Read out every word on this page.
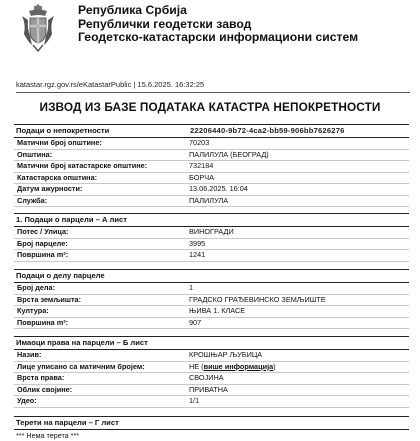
Република Србија
Републички геодетски завод
Геодетско-катастарски информациони систем
katastar.rgz.gov.rs/eKatastarPublic | 15.6.2025. 16:32:25
ИЗВОД ИЗ БАЗЕ ПОДАТАКА КАТАСТРА НЕПОКРЕТНОСТИ
Подаци о непокретности	22206440-9b72-4ca2-bb59-906bb7626276
Матични број општине:	70203
Општина:	ПАЛИЛУЛА (БЕОГРАД)
Матични број катастарске општине:	732184
Катастарска општина:	БОРЧА
Датум ажурности:	13.06.2025. 16:04
Служба:	ПАЛИЛУЛА
1. Подаци о парцели – А лист
Потес / Улица:	ВИНОГРАДИ
Број парцеле:	3995
Површина m²:	1241
Подаци о делу парцеле
Број дела:	1
Врста земљишта:	ГРАДСКО ГРАЂЕВИНСКО ЗЕМЉИШТЕ
Култура:	ЊИВА 1. КЛАСЕ
Површина m²:	907
Имаоци права на парцели – Б лист
Назив:	КРОШЊАР ЉУБИЦА
Лице уписано са матичним бројем:	НЕ (више информација)
Врста права:	СВОЈИНА
Облик својине:	ПРИВАТНА
Удео:	1/1
Терети на парцели – Г лист
*** Нема терета ***
